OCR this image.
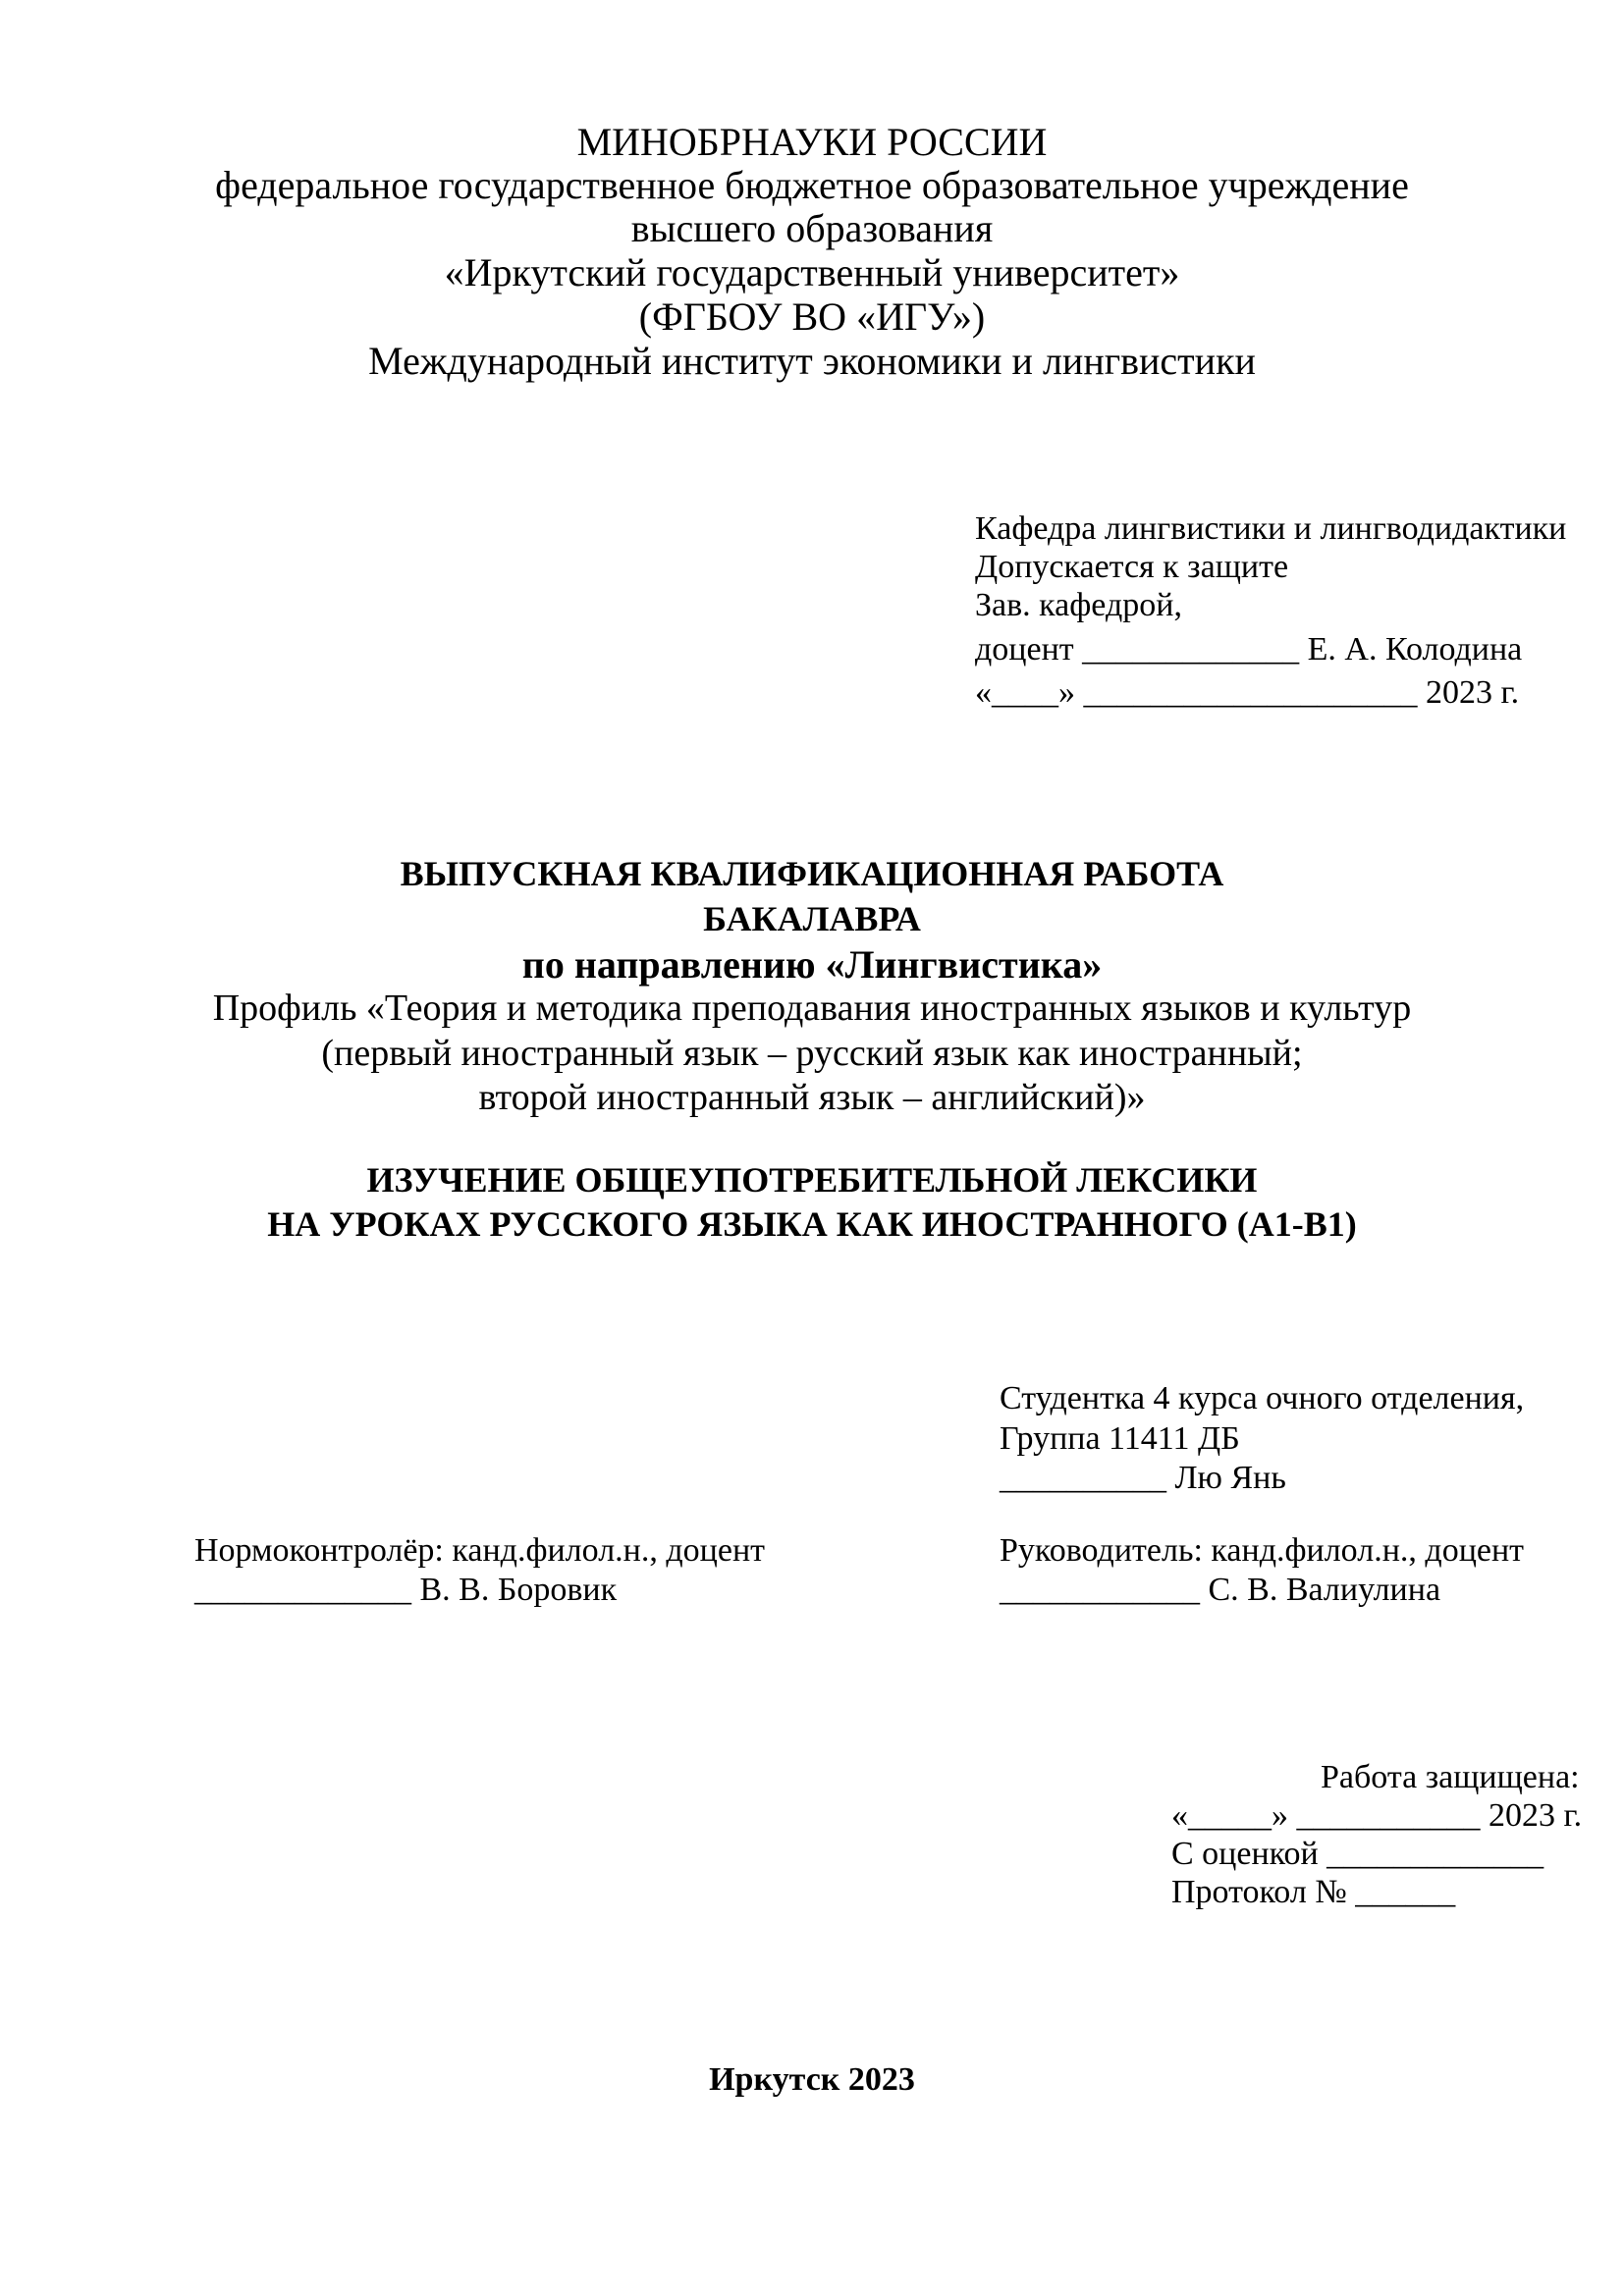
МИНОБРНАУКИ РОССИИ
федеральное государственное бюджетное образовательное учреждение
высшего образования
«Иркутский государственный университет»
(ФГБОУ ВО «ИГУ»)
Международный институт экономики и лингвистики
Кафедра лингвистики и лингводидактики
Допускается к защите
Зав. кафедрой,
доцент _____________ Е. А. Колодина
«____» ____________________ 2023 г.
ВЫПУСКНАЯ КВАЛИФИКАЦИОННАЯ РАБОТА
БАКАЛАВРА
по направлению «Лингвистика»
Профиль «Теория и методика преподавания иностранных языков и культур
(первый иностранный язык – русский язык как иностранный;
второй иностранный язык – английский)»
ИЗУЧЕНИЕ ОБЩЕУПОТРЕБИТЕЛЬНОЙ ЛЕКСИКИ
НА УРОКАХ РУССКОГО ЯЗЫКА КАК ИНОСТРАННОГО (А1-В1)
Студентка 4 курса очного отделения,
Группа 11411 ДБ
__________ Лю Янь
Нормоконтролёр: канд.филол.н., доцент
_____________ В. В. Боровик
Руководитель: канд.филол.н., доцент
____________ С. В. Валиулина
Работа защищена:
«_____» ___________ 2023 г.
С оценкой _____________
Протокол № ______
Иркутск 2023
